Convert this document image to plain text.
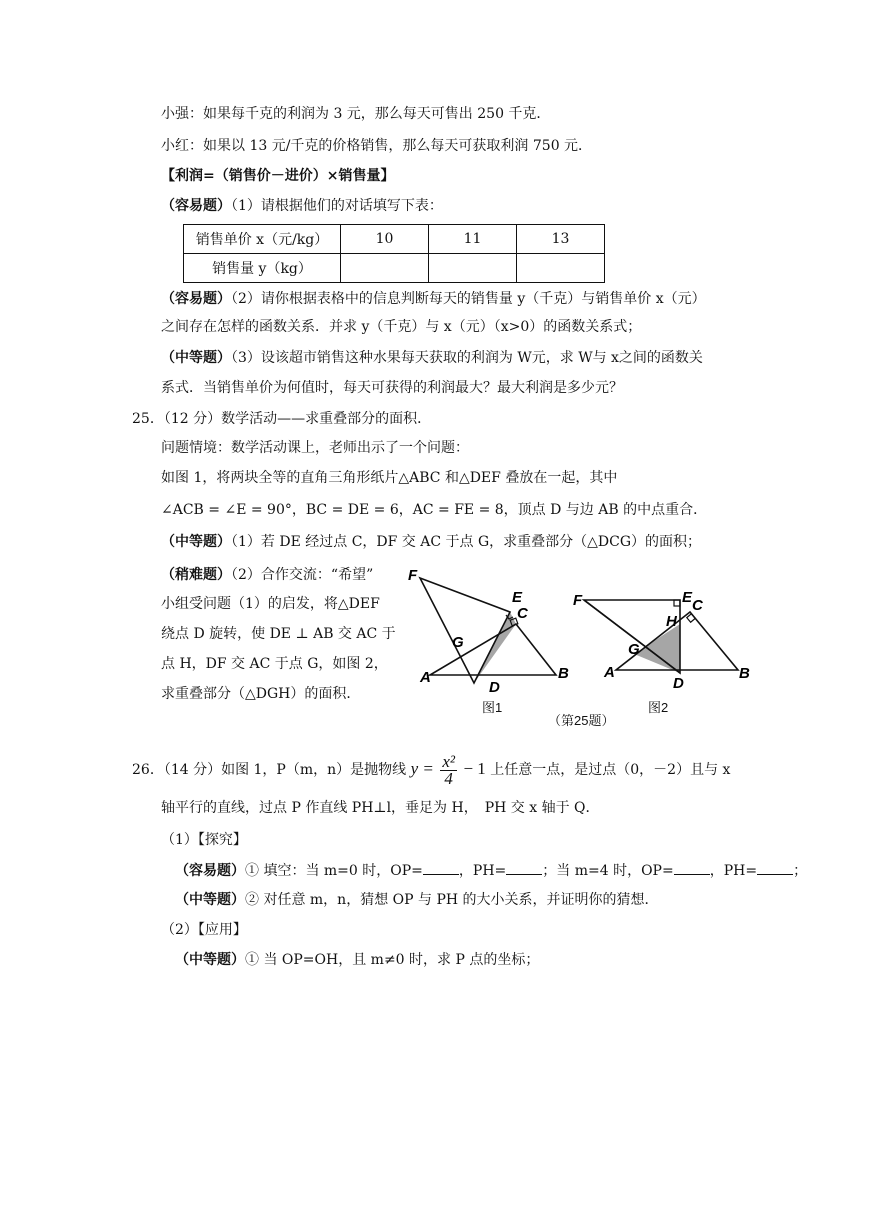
小强：如果每千克的利润为 3 元，那么每天可售出 250 千克．
小红：如果以 13 元/千克的价格销售，那么每天可获取利润 750 元．
【利润=（销售价－进价）×销售量】
（容易题）（1）请根据他们的对话填写下表：
销售单价 x（元/kg）	10	11	13
销售量 y（kg）			
（容易题）（2）请你根据表格中的信息判断每天的销售量 y（千克）与销售单价 x（元）
之间存在怎样的函数关系．并求 y（千克）与 x（元）（x>0）的函数关系式；
（中等题）（3）设该超市销售这种水果每天获取的利润为 W元，求 W与 x之间的函数关
系式．当销售单价为何值时，每天可获得的利润最大？最大利润是多少元？
25．（12 分）数学活动——求重叠部分的面积．
问题情境：数学活动课上，老师出示了一个问题：
如图 1，将两块全等的直角三角形纸片△ABC 和△DEF 叠放在一起，其中
∠ACB = ∠E = 90°，BC = DE = 6，AC = FE = 8，顶点 D 与边 AB 的中点重合．
（中等题）（1）若 DE 经过点 C，DF 交 AC 于点 G，求重叠部分（△DCG）的面积；
（稍难题）（2）合作交流：“希望”
小组受问题（1）的启发，将△DEF
绕点 D 旋转，使 DE ⊥ AB 交 AC 于
点 H，DF 交 AC 于点 G，如图 2，
求重叠部分（△DGH）的面积．
F
E
C
G
A
D
B
图1
F	E C
H
G
A
D
B
图2
（第25题）
26．（14 分）如图 1，P（m，n）是抛物线 $y = \frac{\text{x²}}{4} - 1$ 上任意一点，是过点（0，－2）且与 x
轴平行的直线，过点 P 作直线 PH⊥l，垂足为 H，　PH 交 x 轴于 Q．
（1）【探究】
（容易题）① 填空：当 m=0 时，OP=	，PH=	；当 m=4 时，OP=	，PH=	；
（中等题）② 对任意 m，n，猜想 OP 与 PH 的大小关系，并证明你的猜想．
（2）【应用】
（中等题）① 当 OP=OH，且 m≠0 时，求 P 点的坐标；
